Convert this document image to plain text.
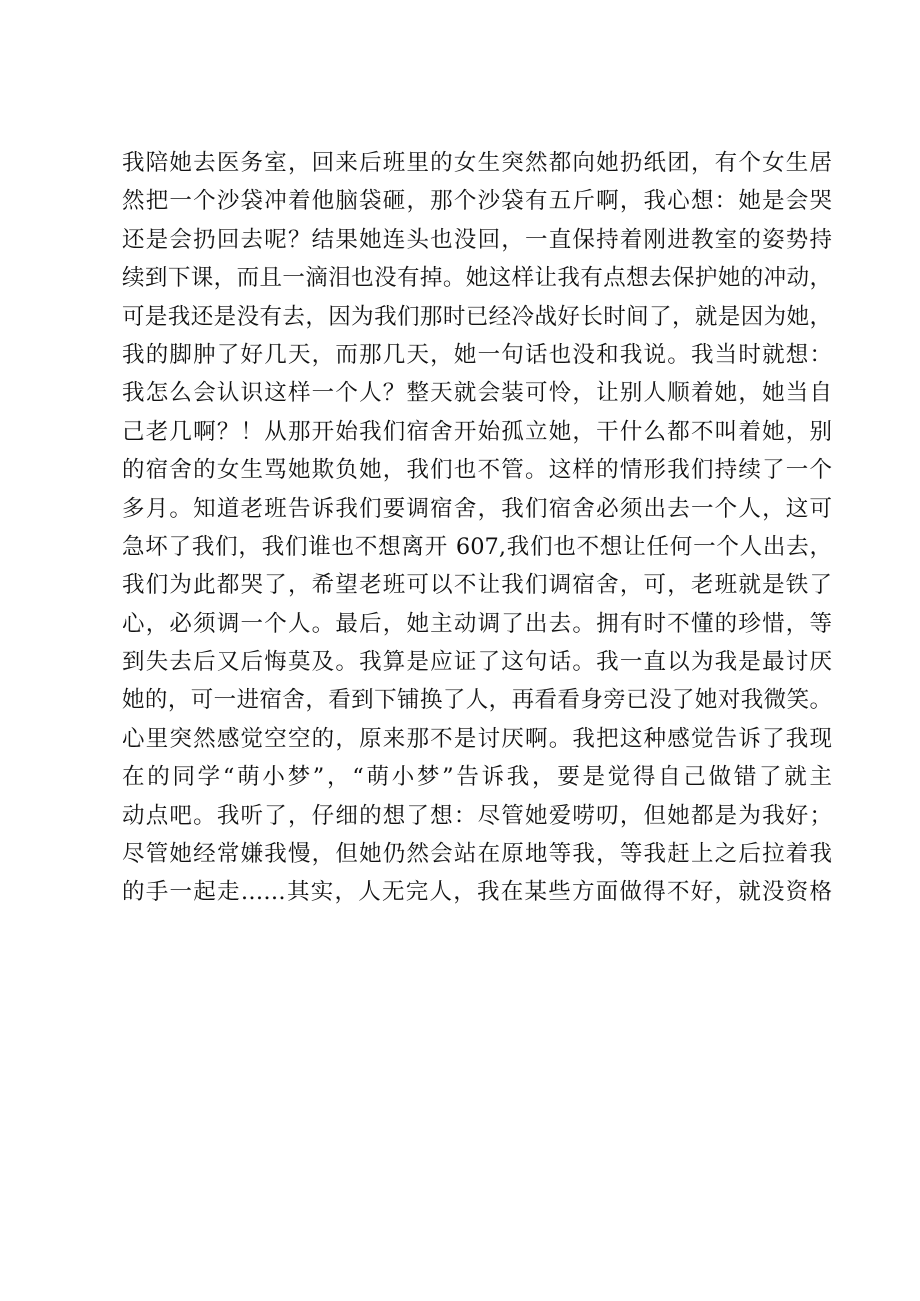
我陪她去医务室，回来后班里的女生突然都向她扔纸团，有个女生居
然把一个沙袋冲着他脑袋砸，那个沙袋有五斤啊，我心想：她是会哭
还是会扔回去呢？结果她连头也没回，一直保持着刚进教室的姿势持
续到下课，而且一滴泪也没有掉。她这样让我有点想去保护她的冲动，
可是我还是没有去，因为我们那时已经冷战好长时间了，就是因为她，
我的脚肿了好几天，而那几天，她一句话也没和我说。我当时就想：
我怎么会认识这样一个人？整天就会装可怜，让别人顺着她，她当自
己老几啊？！从那开始我们宿舍开始孤立她，干什么都不叫着她，别
的宿舍的女生骂她欺负她，我们也不管。这样的情形我们持续了一个
多月。知道老班告诉我们要调宿舍，我们宿舍必须出去一个人，这可
急坏了我们，我们谁也不想离开 607,我们也不想让任何一个人出去，
我们为此都哭了，希望老班可以不让我们调宿舍，可，老班就是铁了
心，必须调一个人。最后，她主动调了出去。拥有时不懂的珍惜，等
到失去后又后悔莫及。我算是应证了这句话。我一直以为我是最讨厌
她的，可一进宿舍，看到下铺换了人，再看看身旁已没了她对我微笑。
心里突然感觉空空的，原来那不是讨厌啊。我把这种感觉告诉了我现
在的同学“萌小梦”，“萌小梦”告诉我，要是觉得自己做错了就主
动点吧。我听了，仔细的想了想：尽管她爱唠叨，但她都是为我好；
尽管她经常嫌我慢，但她仍然会站在原地等我，等我赶上之后拉着我
的手一起走……其实，人无完人，我在某些方面做得不好，就没资格
